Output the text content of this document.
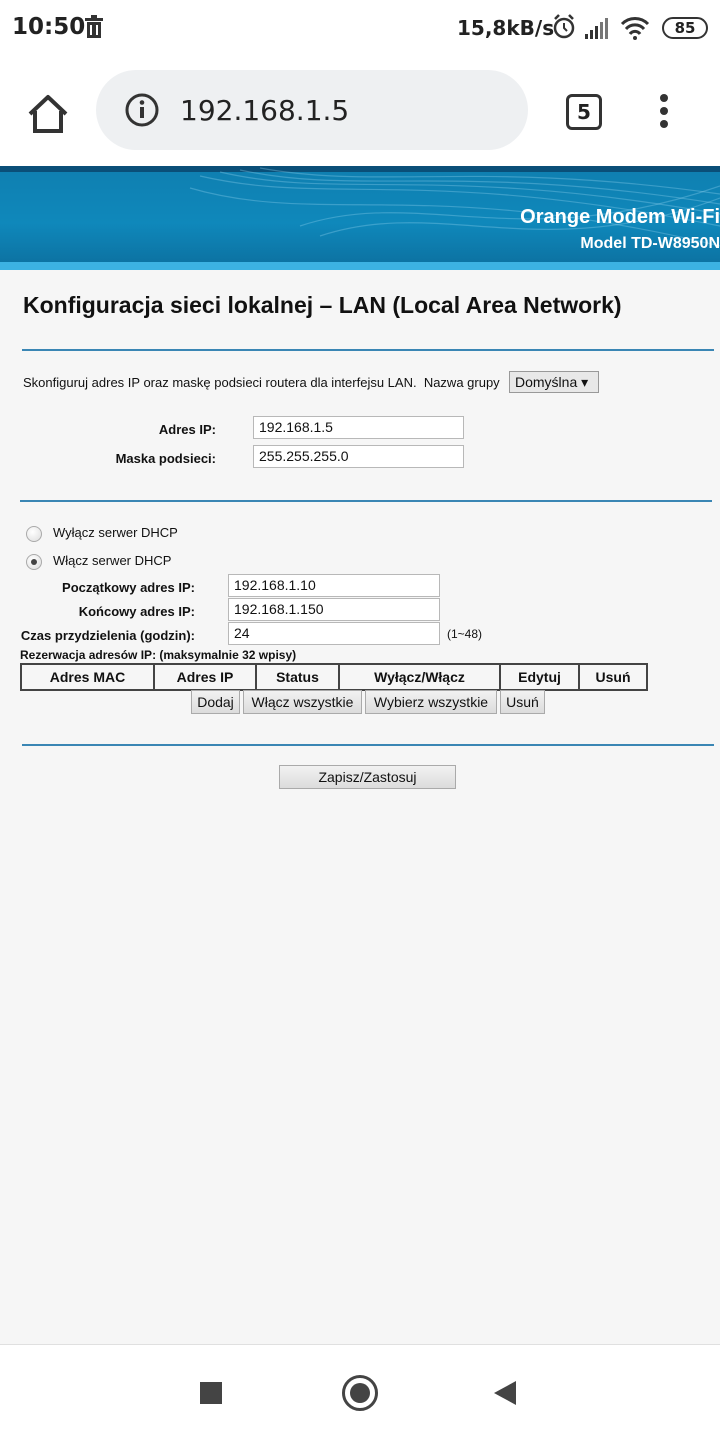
10:50	15,8kB/s	85
192.168.1.5	5
Orange Modem Wi-Fi
Model TD-W8950N
Konfiguracja sieci lokalnej – LAN (Local Area Network)
Skonfiguruj adres IP oraz maskę podsieci routera dla interfejsu LAN. Nazwa grupy	Domyślna ▾
Adres IP:	192.168.1.5
Maska podsieci:	255.255.255.0
Wyłącz serwer DHCP
Włącz serwer DHCP
Początkowy adres IP:	192.168.1.10
Końcowy adres IP:	192.168.1.150
Czas przydzielenia (godzin):	24	(1~48)
Rezerwacja adresów IP: (maksymalnie 32 wpisy)
Adres MAC	Adres IP	Status	Wyłącz/Włącz	Edytuj	Usuń
Dodaj	Włącz wszystkie	Wybierz wszystkie	Usuń
Zapisz/Zastosuj
